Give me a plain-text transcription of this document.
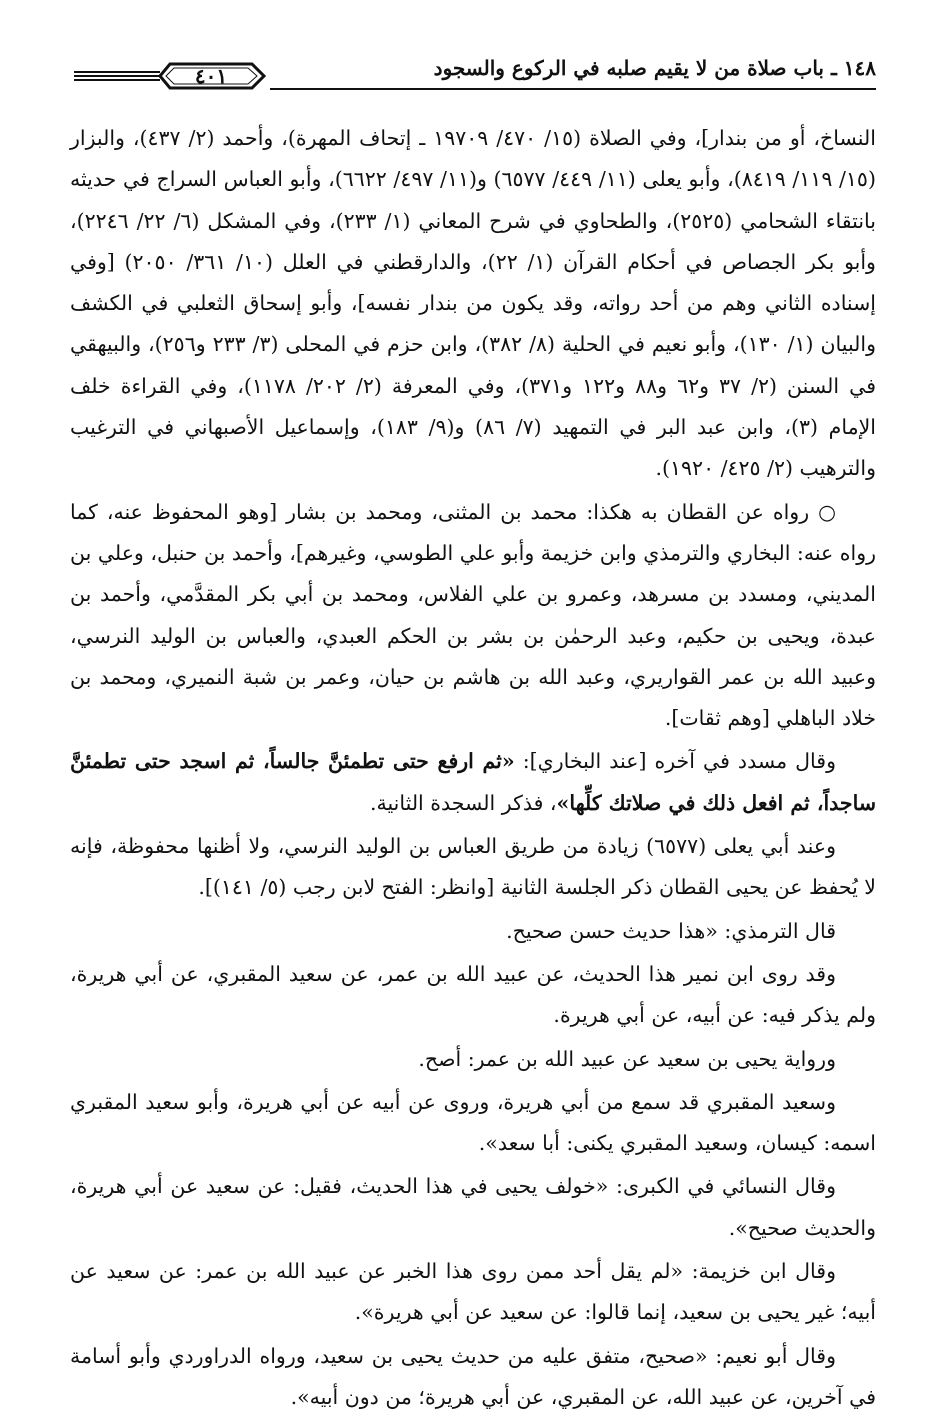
١٤٨ ـ باب صلاة من لا يقيم صلبه في الركوع والسجود
٤٠١

النساخ، أو من بندار]، وفي الصلاة (١٥/ ٤٧٠/ ١٩٧٠٩ ـ إتحاف المهرة)، وأحمد (٢/ ٤٣٧)، والبزار (١٥/ ١١٩/ ٨٤١٩)، وأبو يعلى (١١/ ٤٤٩/ ٦٥٧٧) و(١١/ ٤٩٧/ ٦٦٢٢)، وأبو العباس السراج في حديثه بانتقاء الشحامي (٢٥٢٥)، والطحاوي في شرح المعاني (١/ ٢٣٣)، وفي المشكل (٦/ ٢٢/ ٢٢٤٦)، وأبو بكر الجصاص في أحكام القرآن (١/ ٢٢)، والدارقطني في العلل (١٠/ ٣٦١/ ٢٠٥٠) [وفي إسناده الثاني وهم من أحد رواته، وقد يكون من بندار نفسه]، وأبو إسحاق الثعلبي في الكشف والبيان (١/ ١٣٠)، وأبو نعيم في الحلية (٨/ ٣٨٢)، وابن حزم في المحلى (٣/ ٢٣٣ و٢٥٦)، والبيهقي في السنن (٢/ ٣٧ و٦٢ و٨٨ و١٢٢ و٣٧١)، وفي المعرفة (٢/ ٢٠٢/ ١١٧٨)، وفي القراءة خلف الإمام (٣)، وابن عبد البر في التمهيد (٧/ ٨٦) و(٩/ ١٨٣)، وإسماعيل الأصبهاني في الترغيب والترهيب (٢/ ٤٢٥/ ١٩٢٠).

○ رواه عن القطان به هكذا: محمد بن المثنى، ومحمد بن بشار [وهو المحفوظ عنه، كما رواه عنه: البخاري والترمذي وابن خزيمة وأبو علي الطوسي، وغيرهم]، وأحمد بن حنبل، وعلي بن المديني، ومسدد بن مسرهد، وعمرو بن علي الفلاس، ومحمد بن أبي بكر المقدَّمي، وأحمد بن عبدة، ويحيى بن حكيم، وعبد الرحمٰن بن بشر بن الحكم العبدي، والعباس بن الوليد النرسي، وعبيد الله بن عمر القواريري، وعبد الله بن هاشم بن حيان، وعمر بن شبة النميري، ومحمد بن خلاد الباهلي [وهم ثقات].

وقال مسدد في آخره [عند البخاري]: «ثم ارفع حتى تطمئنَّ جالساً، ثم اسجد حتى تطمئنَّ ساجداً، ثم افعل ذلك في صلاتك كلِّها»، فذكر السجدة الثانية.

وعند أبي يعلى (٦٥٧٧) زيادة من طريق العباس بن الوليد النرسي، ولا أظنها محفوظة، فإنه لا يُحفظ عن يحيى القطان ذكر الجلسة الثانية [وانظر: الفتح لابن رجب (٥/ ١٤١)].

قال الترمذي: «هذا حديث حسن صحيح.

وقد روى ابن نمير هذا الحديث، عن عبيد الله بن عمر، عن سعيد المقبري، عن أبي هريرة، ولم يذكر فيه: عن أبيه، عن أبي هريرة.

ورواية يحيى بن سعيد عن عبيد الله بن عمر: أصح.

وسعيد المقبري قد سمع من أبي هريرة، وروى عن أبيه عن أبي هريرة، وأبو سعيد المقبري اسمه: كيسان، وسعيد المقبري يكنى: أبا سعد».

وقال النسائي في الكبرى: «خولف يحيى في هذا الحديث، فقيل: عن سعيد عن أبي هريرة، والحديث صحيح».

وقال ابن خزيمة: «لم يقل أحد ممن روى هذا الخبر عن عبيد الله بن عمر: عن سعيد عن أبيه؛ غير يحيى بن سعيد، إنما قالوا: عن سعيد عن أبي هريرة».

وقال أبو نعيم: «صحيح، متفق عليه من حديث يحيى بن سعيد، ورواه الدراوردي وأبو أسامة في آخرين، عن عبيد الله، عن المقبري، عن أبي هريرة؛ من دون أبيه».
